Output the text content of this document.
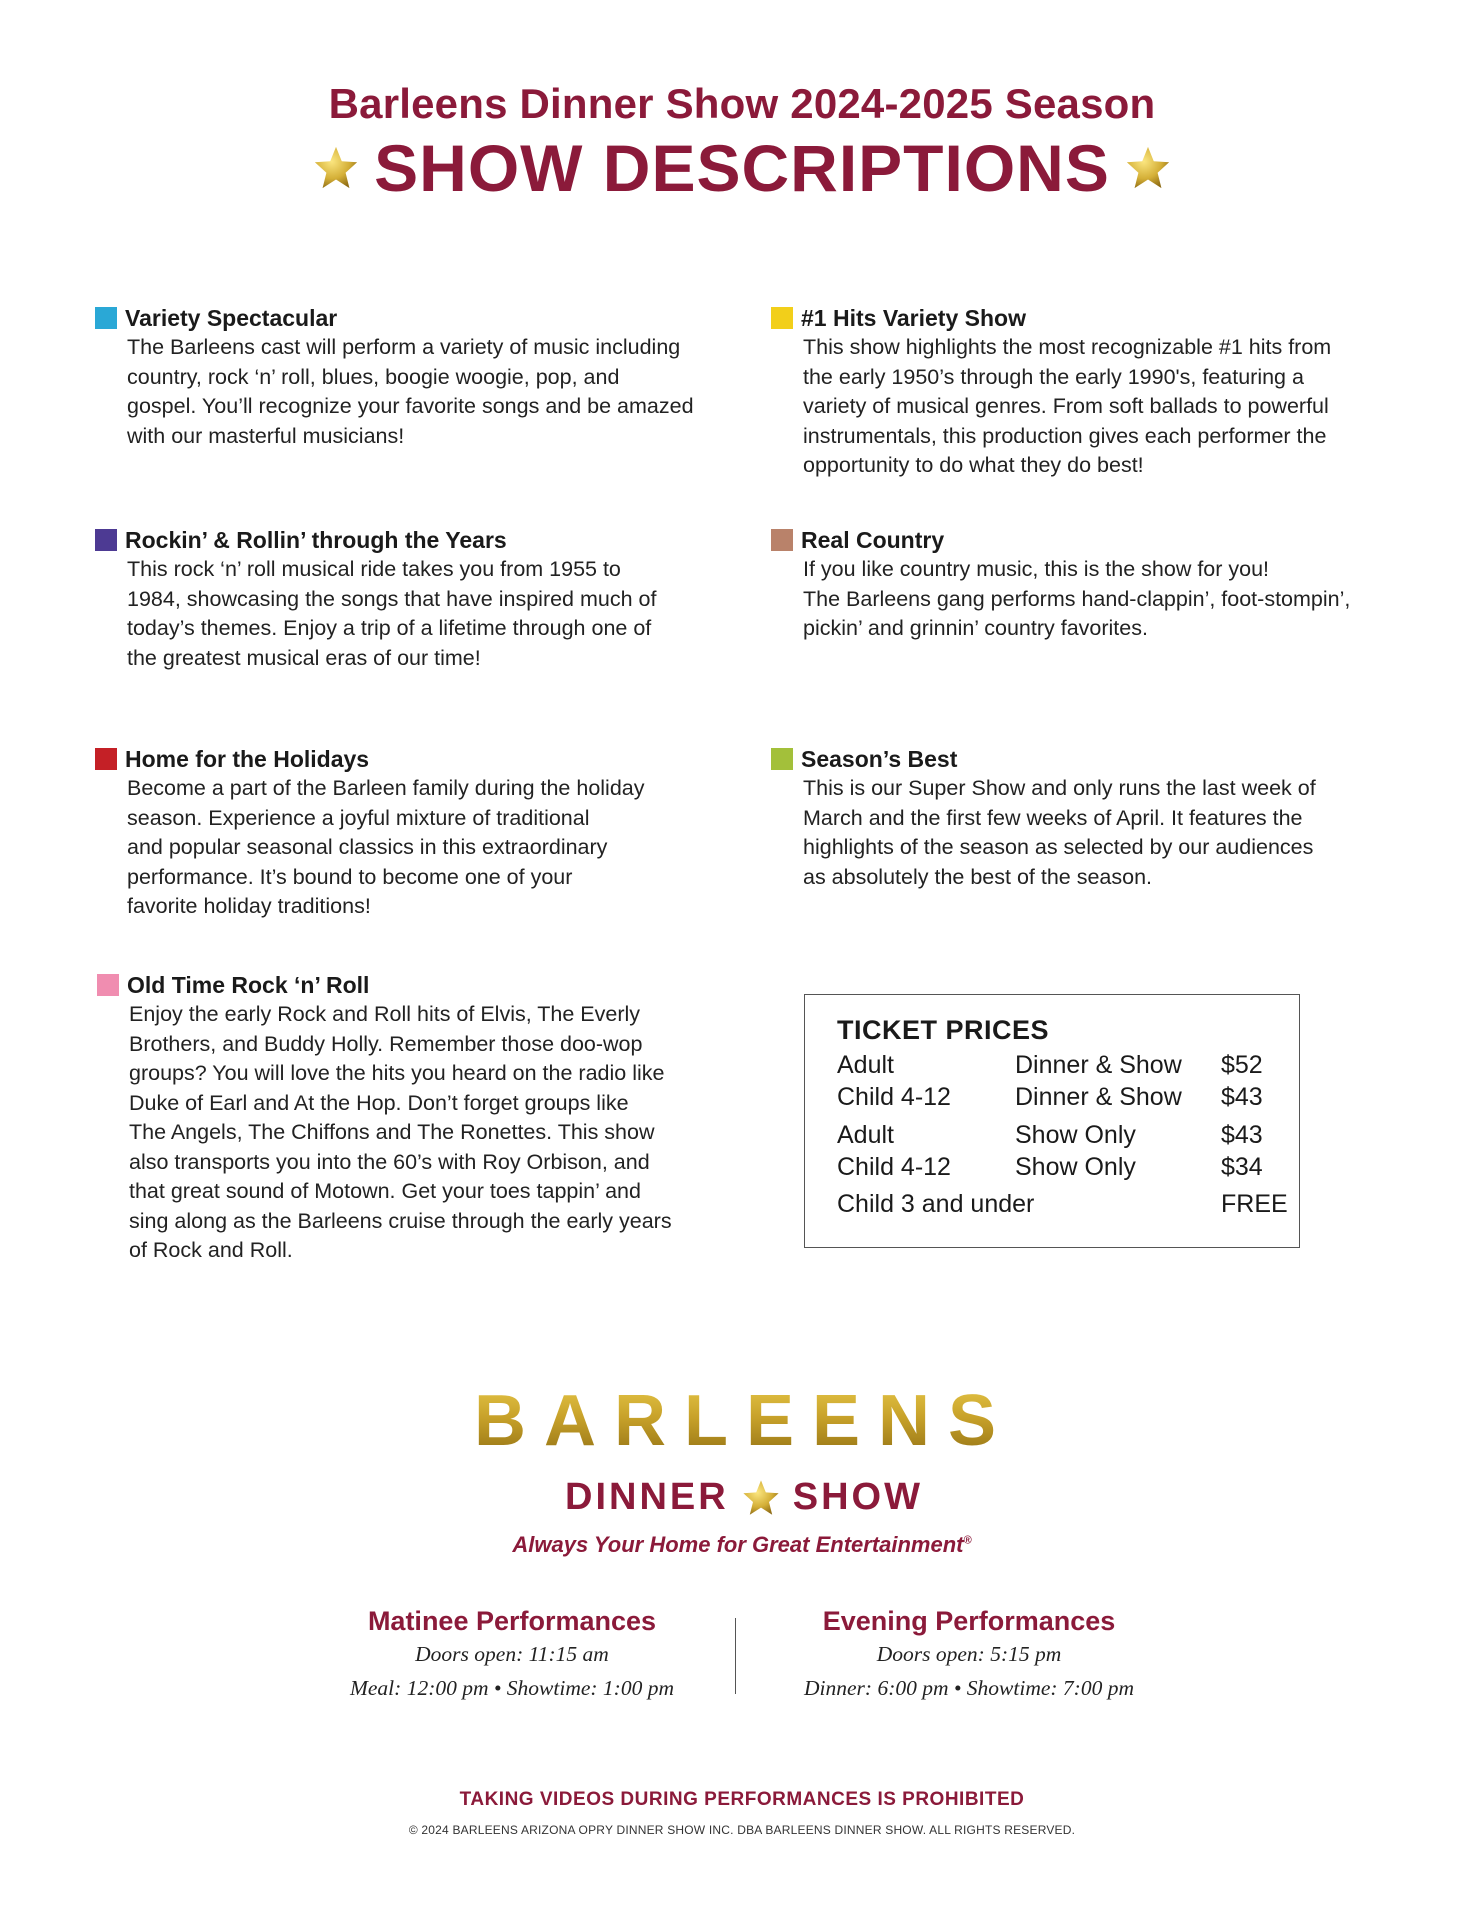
Barleens Dinner Show 2024-2025 Season
SHOW DESCRIPTIONS
Variety Spectacular
The Barleens cast will perform a variety of music including
country, rock ‘n’ roll, blues, boogie woogie, pop, and
gospel. You’ll recognize your favorite songs and be amazed
with our masterful musicians!
#1 Hits Variety Show
This show highlights the most recognizable #1 hits from
the early 1950’s through the early 1990's, featuring a
variety of musical genres. From soft ballads to powerful
instrumentals, this production gives each performer the
opportunity to do what they do best!
Rockin’ & Rollin’ through the Years
This rock ‘n’ roll musical ride takes you from 1955 to
1984, showcasing the songs that have inspired much of
today’s themes. Enjoy a trip of a lifetime through one of
the greatest musical eras of our time!
Real Country
If you like country music, this is the show for you!
The Barleens gang performs hand-clappin’, foot-stompin’,
pickin’ and grinnin’ country favorites.
Home for the Holidays
Become a part of the Barleen family during the holiday
season. Experience a joyful mixture of traditional
and popular seasonal classics in this extraordinary
performance. It’s bound to become one of your
favorite holiday traditions!
Season’s Best
This is our Super Show and only runs the last week of
March and the first few weeks of April. It features the
highlights of the season as selected by our audiences
as absolutely the best of the season.
Old Time Rock ‘n’ Roll
Enjoy the early Rock and Roll hits of Elvis, The Everly
Brothers, and Buddy Holly. Remember those doo-wop
groups? You will love the hits you heard on the radio like
Duke of Earl and At the Hop. Don’t forget groups like
The Angels, The Chiffons and The Ronettes. This show
also transports you into the 60’s with Roy Orbison, and
that great sound of Motown. Get your toes tappin’ and
sing along as the Barleens cruise through the early years
of Rock and Roll.
TICKET PRICES
Adult	Dinner & Show $52
Child 4-12	Dinner & Show $43
Adult	Show Only	$43
Child 4-12	Show Only	$34
Child 3 and under	FREE
BARLEENS
DINNER SHOW
Always Your Home for Great Entertainment®
Matinee Performances
Doors open: 11:15 am
Meal: 12:00 pm • Showtime: 1:00 pm
Evening Performances
Doors open: 5:15 pm
Dinner: 6:00 pm • Showtime: 7:00 pm
TAKING VIDEOS DURING PERFORMANCES IS PROHIBITED
© 2024 BARLEENS ARIZONA OPRY DINNER SHOW INC. DBA BARLEENS DINNER SHOW. ALL RIGHTS RESERVED.
